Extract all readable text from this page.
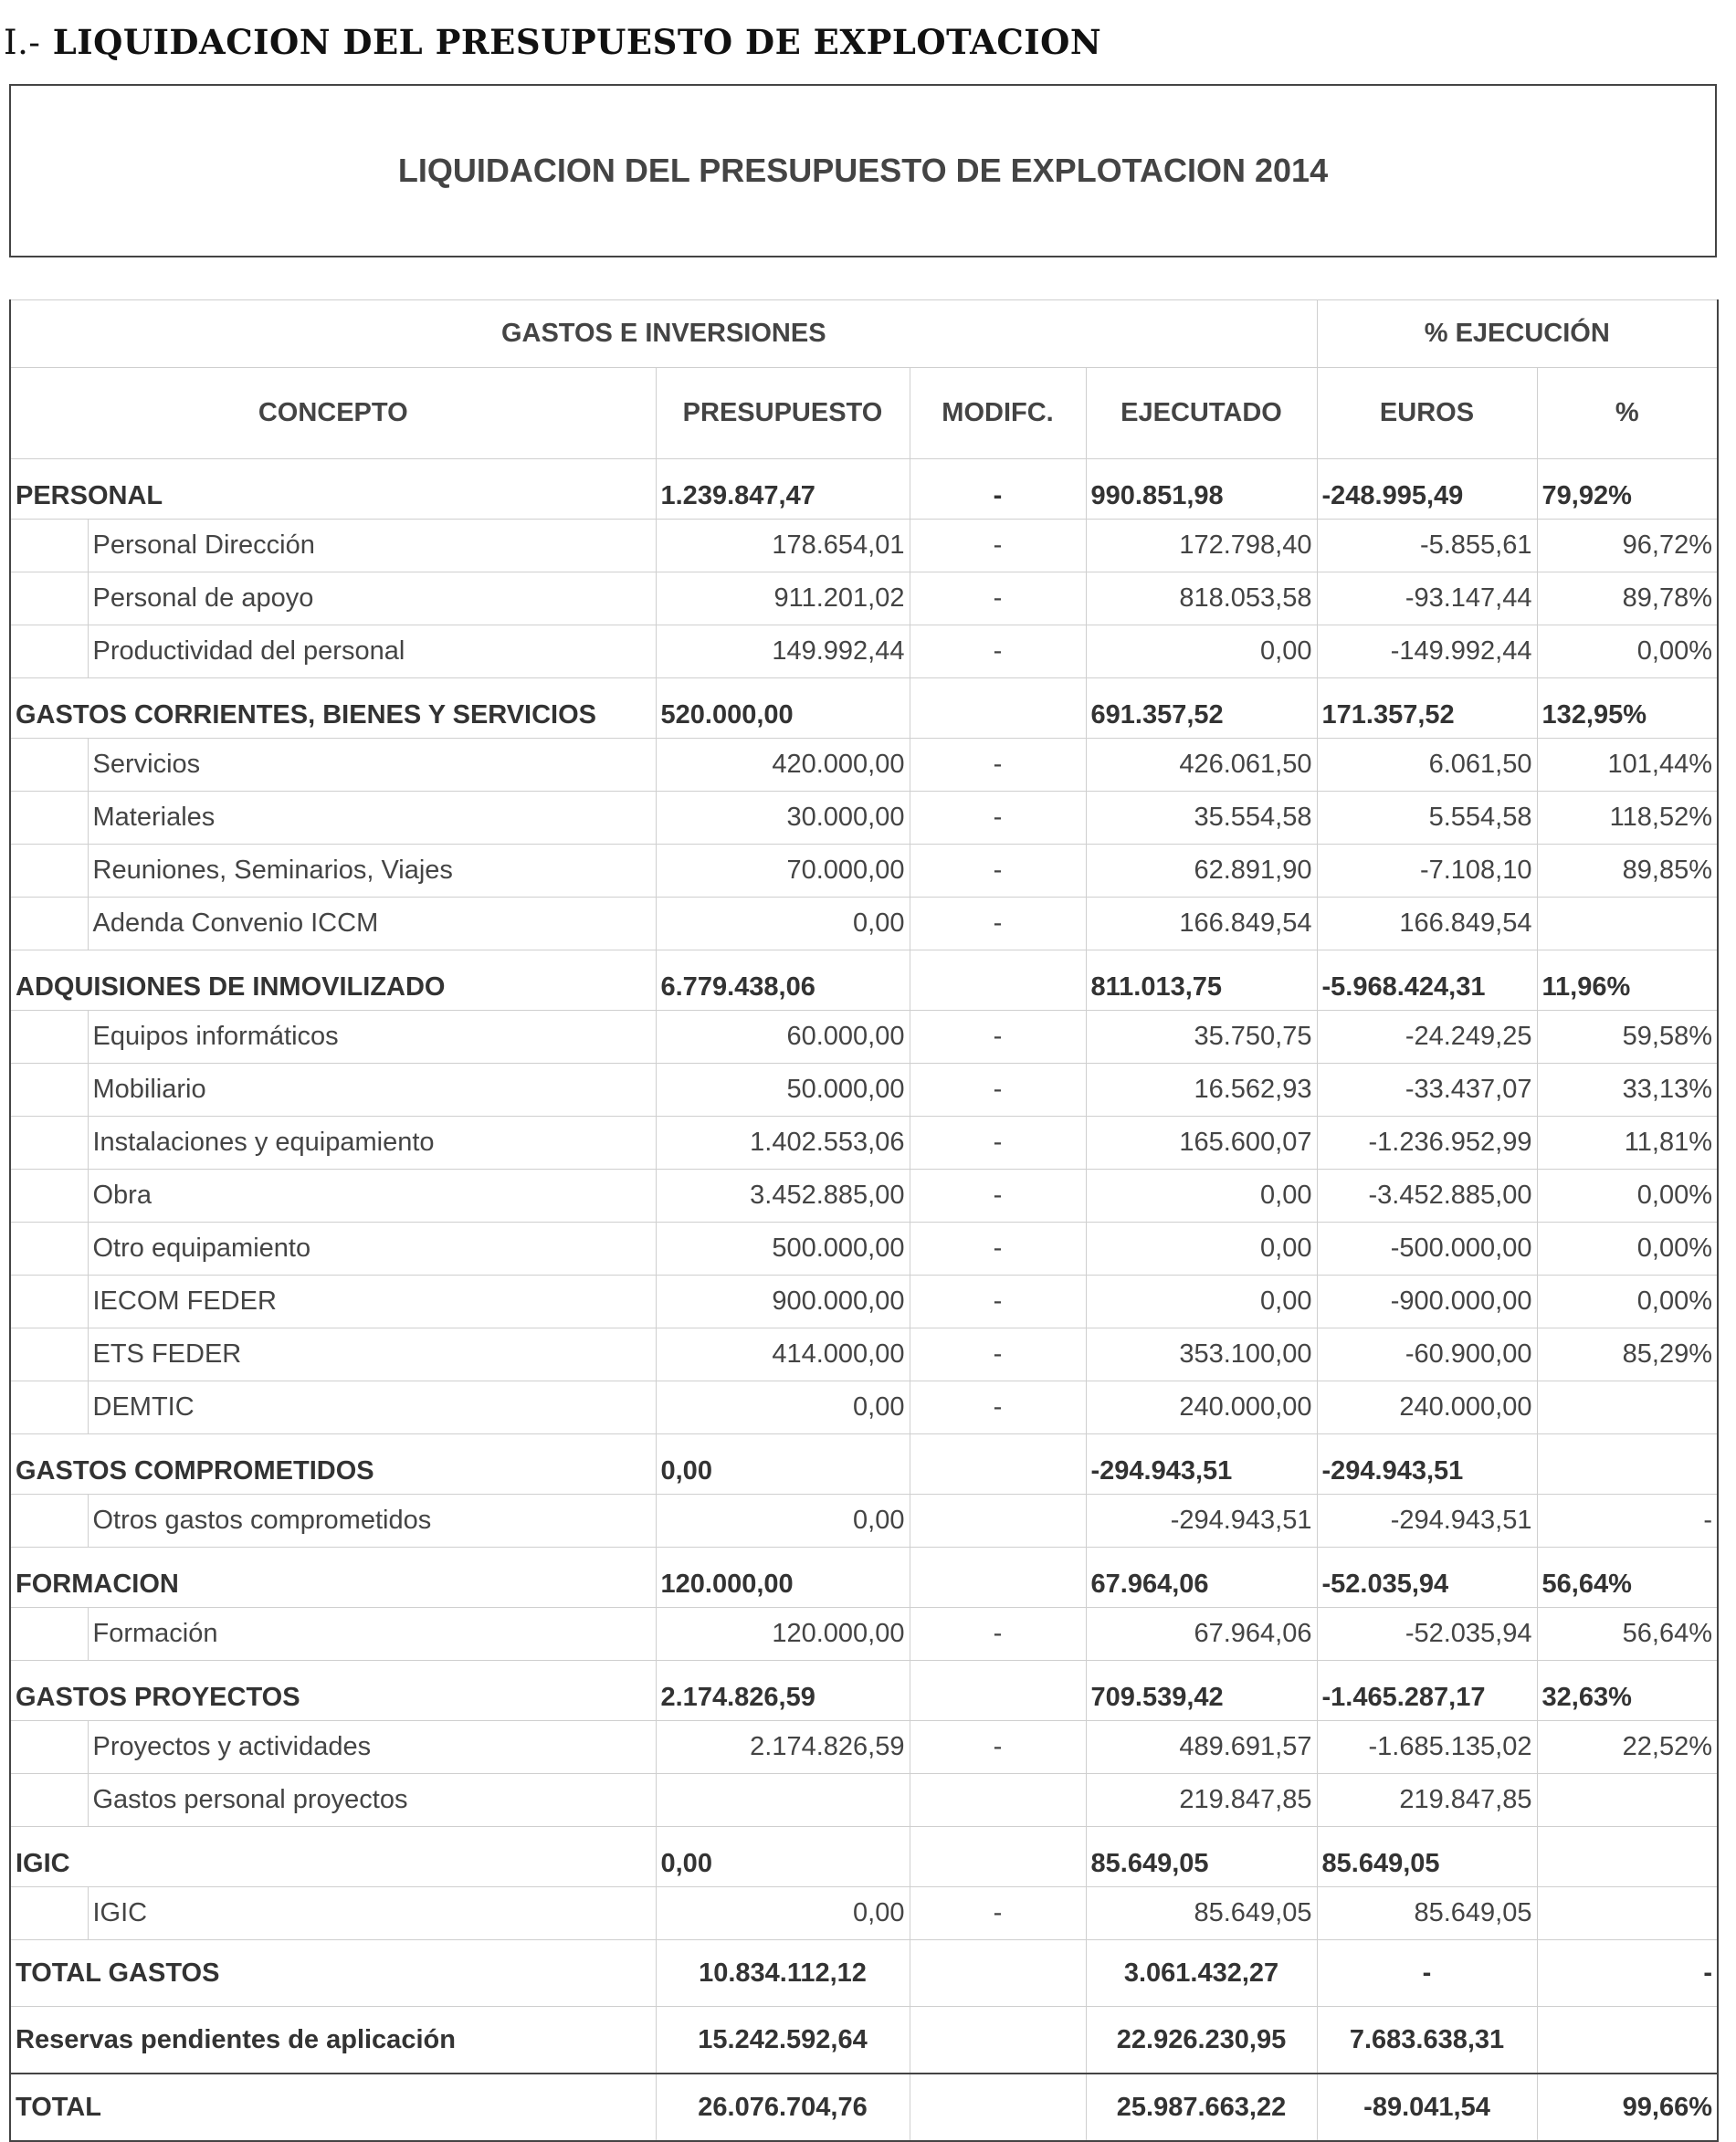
I.- LIQUIDACION DEL PRESUPUESTO DE EXPLOTACION
LIQUIDACION DEL PRESUPUESTO DE EXPLOTACION 2014
GASTOS E INVERSIONES					% EJECUCIÓN	
CONCEPTO		PRESUPUESTO	MODIFC.	EJECUTADO	EUROS	%
PERSONAL		1.239.847,47	-	990.851,98	-248.995,49	79,92%
	Personal Dirección	178.654,01	-	172.798,40	-5.855,61	96,72%
	Personal de apoyo	911.201,02	-	818.053,58	-93.147,44	89,78%
	Productividad del personal	149.992,44	-	0,00	-149.992,44	0,00%
GASTOS CORRIENTES, BIENES Y SERVICIOS		520.000,00		691.357,52	171.357,52	132,95%
	Servicios	420.000,00	-	426.061,50	6.061,50	101,44%
	Materiales	30.000,00	-	35.554,58	5.554,58	118,52%
	Reuniones, Seminarios, Viajes	70.000,00	-	62.891,90	-7.108,10	89,85%
	Adenda Convenio ICCM	0,00	-	166.849,54	166.849,54	
ADQUISIONES DE INMOVILIZADO		6.779.438,06		811.013,75	-5.968.424,31	11,96%
	Equipos informáticos	60.000,00	-	35.750,75	-24.249,25	59,58%
	Mobiliario	50.000,00	-	16.562,93	-33.437,07	33,13%
	Instalaciones y equipamiento	1.402.553,06	-	165.600,07	-1.236.952,99	11,81%
	Obra	3.452.885,00	-	0,00	-3.452.885,00	0,00%
	Otro equipamiento	500.000,00	-	0,00	-500.000,00	0,00%
	IECOM FEDER	900.000,00	-	0,00	-900.000,00	0,00%
	ETS FEDER	414.000,00	-	353.100,00	-60.900,00	85,29%
	DEMTIC	0,00	-	240.000,00	240.000,00	
GASTOS COMPROMETIDOS		0,00		-294.943,51	-294.943,51	
	Otros gastos comprometidos	0,00		-294.943,51	-294.943,51	-
FORMACION		120.000,00		67.964,06	-52.035,94	56,64%
	Formación	120.000,00	-	67.964,06	-52.035,94	56,64%
GASTOS PROYECTOS		2.174.826,59		709.539,42	-1.465.287,17	32,63%
	Proyectos y actividades	2.174.826,59	-	489.691,57	-1.685.135,02	22,52%
	Gastos personal proyectos			219.847,85	219.847,85	
IGIC		0,00		85.649,05	85.649,05	
	IGIC	0,00	-	85.649,05	85.649,05	
TOTAL GASTOS		10.834.112,12		3.061.432,27	-	-
Reservas pendientes de aplicación		15.242.592,64		22.926.230,95	7.683.638,31	
TOTAL		26.076.704,76		25.987.663,22	-89.041,54	99,66%
